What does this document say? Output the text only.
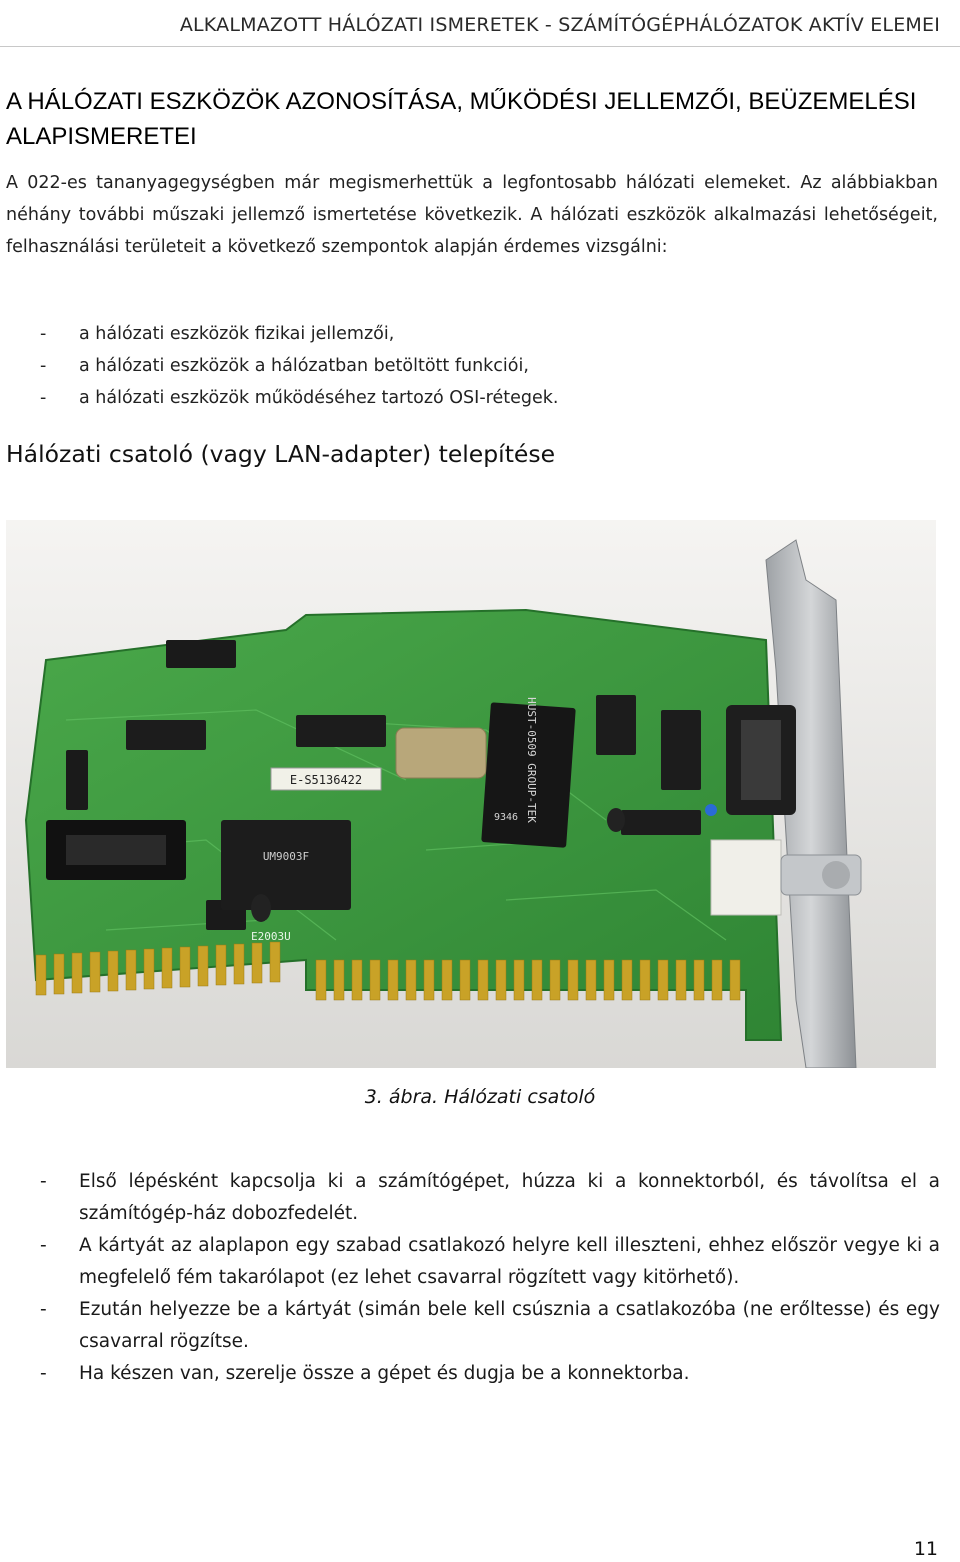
ALKALMAZOTT HÁLÓZATI ISMERETEK - SZÁMÍTÓGÉPHÁLÓZATOK AKTÍV ELEMEI
A HÁLÓZATI ESZKÖZÖK AZONOSÍTÁSA, MŰKÖDÉSI JELLEMZŐI, BEÜZEMELÉSI ALAPISMERETEI

A 022-es tananyagegységben már megismerhettük a legfontosabb hálózati elemeket. Az alábbiakban néhány további műszaki jellemző ismertetése következik. A hálózati eszközök alkalmazási lehetőségeit, felhasználási területeit a következő szempontok alapján érdemes vizsgálni:

-	a hálózati eszközök fizikai jellemzői,
-	a hálózati eszközök a hálózatban betöltött funkciói,
-	a hálózati eszközök működéséhez tartozó OSI-rétegek.
Hálózati csatoló (vagy LAN-adapter) telepítése
E-S5136422
UM9003F
HUST-0509 GROUP-TEK
9346
E2003U
3. ábra. Hálózati csatoló
-	Első lépésként kapcsolja ki a számítógépet, húzza ki a konnektorból, és távolítsa el a számítógép-ház dobozfedelét.
-	A kártyát az alaplapon egy szabad csatlakozó helyre kell illeszteni, ehhez először vegye ki a megfelelő fém takarólapot (ez lehet csavarral rögzített vagy kitörhető).
-	Ezután helyezze be a kártyát (simán bele kell csúsznia a csatlakozóba (ne erőltesse) és egy csavarral rögzítse.
-	Ha készen van, szerelje össze a gépet és dugja be a konnektorba.
11
